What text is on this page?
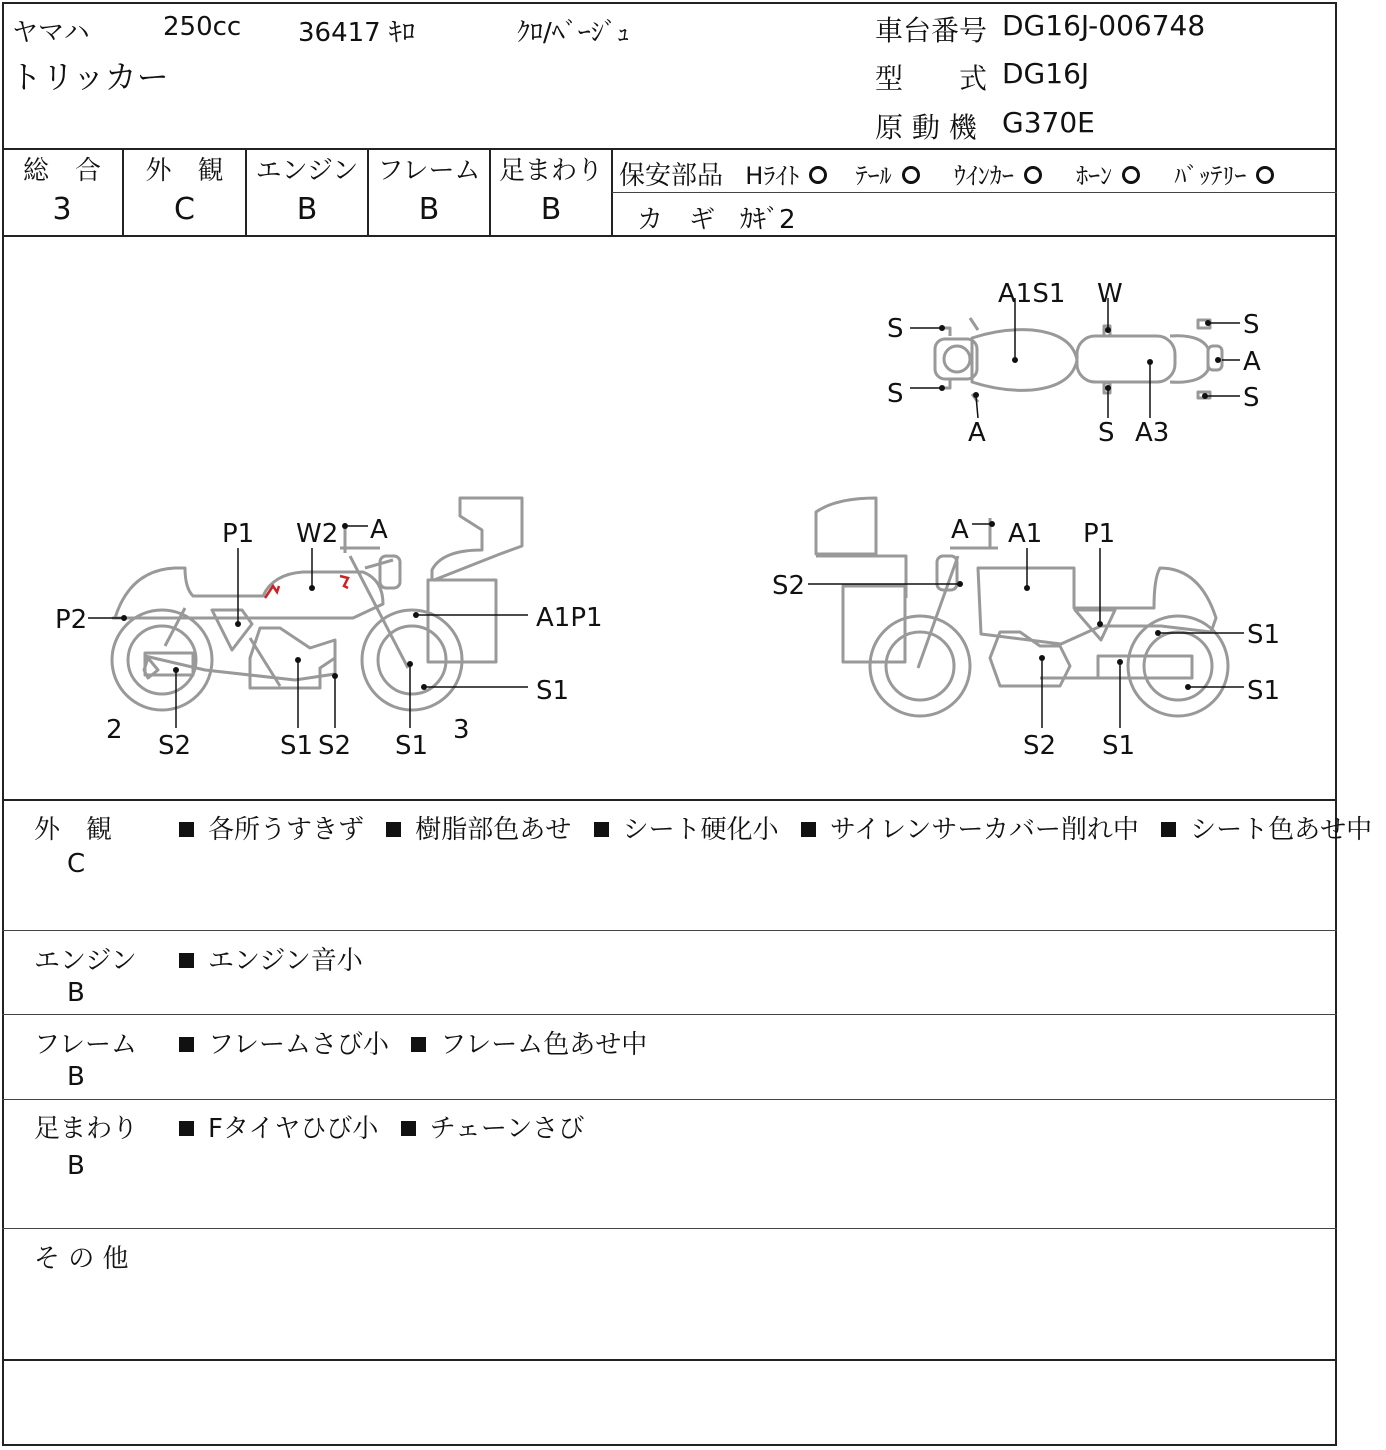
ヤマハ	250cc 36417 ｷﾛ	ｸﾛ/ﾍﾞｰｼﾞｭ
トリッカー
車台番号 DG16J-006748
型　　式 DG16J
原 動 機 G370E
総　合
3
外　観
C
エンジン
B
フレーム
B
足まわり
B
保安部品 Hﾗｲﾄ ﾃｰﾙ	ｳｲﾝｶｰ	ﾎｰﾝ	ﾊﾞｯﾃﾘｰ
カ　ギ ｶｷﾞ2
A1S1 W
S
S
A
S
A
S
A3
S
P1 W2 A
P2	A1P1
S1
2
S2	S1 S2 S1
3
A A1 P1
S2
S1
S1
S2 S1
外　観
C
各所うすきず 樹脂部色あせ シート硬化小 サイレンサーカバー削れ中 シート色あせ中
エンジン
B
エンジン音小
フレーム
B
フレームさび小 フレーム色あせ中
足まわり
B
Fタイヤひび小 チェーンさび
そ の 他
